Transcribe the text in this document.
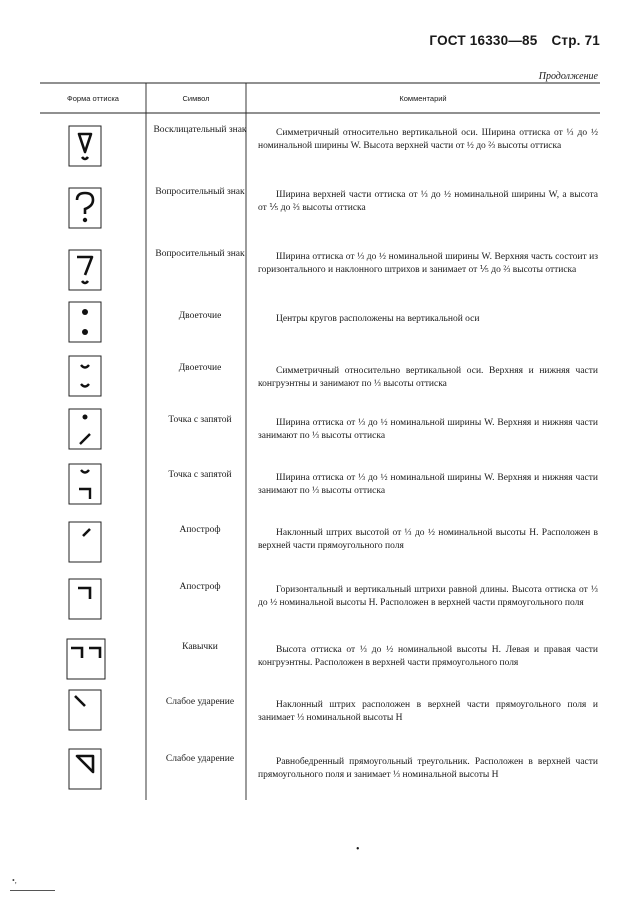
ГОСТ 16330—85 Стр. 71
Продолжение
Форма оттиска	Символ	Комментарий
Восклицательный знак	Симметричный относительно вертикальной оси. Ширина оттиска от ⅓ до ½ номинальной ширины W. Высота верхней части от ½ до ⅔ высоты оттиска
Вопросительный знак	Ширина верхней части оттиска от ⅓ до ½ номинальной ширины W, а высота от ⅕ до ⅔ высоты оттиска
Вопросительный знак	Ширина оттиска от ⅓ до ½ номинальной ширины W. Верхняя часть состоит из горизонтального и наклонного штрихов и занимает от ⅕ до ⅔ высоты оттиска
Двоеточие	Центры кругов расположены на вертикальной оси
Двоеточие	Симметричный относительно вертикальной оси. Верхняя и нижняя части конгруэнтны и занимают по ⅓ высоты оттиска
Точка с запятой	Ширина оттиска от ⅓ до ½ номинальной ширины W. Верхняя и нижняя части занимают по ⅓ высоты оттиска
Точка с запятой	Ширина оттиска от ⅓ до ½ номинальной ширины W. Верхняя и нижняя части занимают по ⅓ высоты оттиска
Апостроф	Наклонный штрих высотой от ⅓ до ½ номинальной высоты H. Расположен в верхней части прямоугольного поля
Апостроф	Горизонтальный и вертикальный штрихи равной длины. Высота оттиска от ⅓ до ½ номинальной высоты H. Расположен в верхней части прямоугольного поля
Кавычки	Высота оттиска от ⅓ до ½ номинальной высоты H. Левая и правая части конгруэнтны. Расположен в верхней части прямоугольного поля
Слабое ударение	Наклонный штрих расположен в верхней части прямоугольного поля и занимает ⅓ номинальной высоты H
Слабое ударение	Равнобедренный прямоугольный треугольник. Расположен в верхней части прямоугольного поля и занимает ⅓ номинальной высоты H
•
•,
